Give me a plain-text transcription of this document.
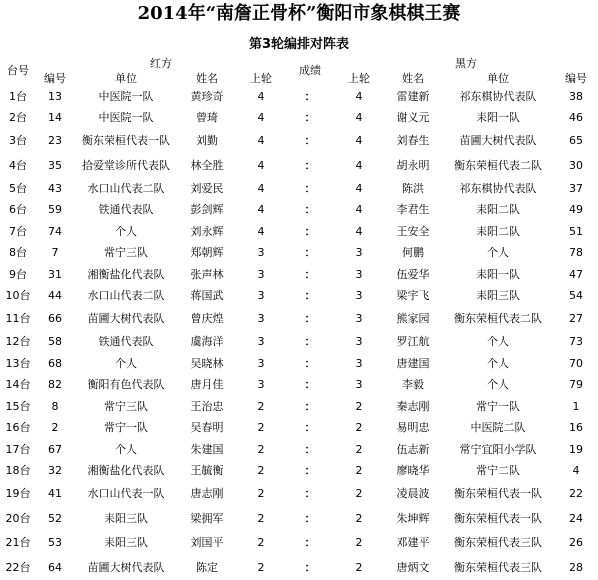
2014年“南詹正骨杯”衡阳市象棋棋王赛
第3轮编排对阵表
台号	红方				成绩	黑方			
	编号	单位	姓名	上轮		上轮	姓名	单位	编号
1台	13	中医院一队	黄珍奇	4	：	4	雷建新	祁东棋协代表队	38
2台	14	中医院一队	曾琦	4	：	4	谢义元	耒阳一队	46
3台	23	衡东荣桓代表一队	刘勤	4	：	4	刘春生	苗圃大树代表队	65
4台	35	拾爱堂诊所代表队	林全胜	4	：	4	胡永明	衡东荣桓代表二队	30
5台	43	水口山代表二队	刘爱民	4	：	4	陈洪	祁东棋协代表队	37
6台	59	铁通代表队	彭剑辉	4	：	4	李君生	耒阳二队	49
7台	74	个人	刘永辉	4	：	4	王安全	耒阳二队	51
8台	7	常宁三队	郑朝辉	3	：	3	何鹏	个人	78
9台	31	湘衡盐化代表队	张声林	3	：	3	伍爱华	耒阳一队	47
10台	44	水口山代表二队	蒋国武	3	：	3	梁宇飞	耒阳三队	54
11台	66	苗圃大树代表队	曾庆煌	3	：	3	熊家园	衡东荣桓代表二队	27
12台	58	铁通代表队	虞海洋	3	：	3	罗江航	个人	73
13台	68	个人	吴晓林	3	：	3	唐建国	个人	70
14台	82	衡阳有色代表队	唐月佳	3	：	3	李毅	个人	79
15台	8	常宁三队	王治忠	2	：	2	秦志刚	常宁一队	1
16台	2	常宁一队	吴春明	2	：	2	易明忠	中医院二队	16
17台	67	个人	朱建国	2	：	2	伍志新	常宁宜阳小学队	19
18台	32	湘衡盐化代表队	王毓衡	2	：	2	廖晓华	常宁二队	4
19台	41	水口山代表一队	唐志刚	2	：	2	凌晨波	衡东荣桓代表一队	22
20台	52	耒阳三队	梁拥军	2	：	2	朱坤辉	衡东荣桓代表一队	24
21台	53	耒阳三队	刘国平	2	：	2	邓建平	衡东荣桓代表三队	26
22台	64	苗圃大树代表队	陈定	2	：	2	唐炳文	衡东荣桓代表三队	28
